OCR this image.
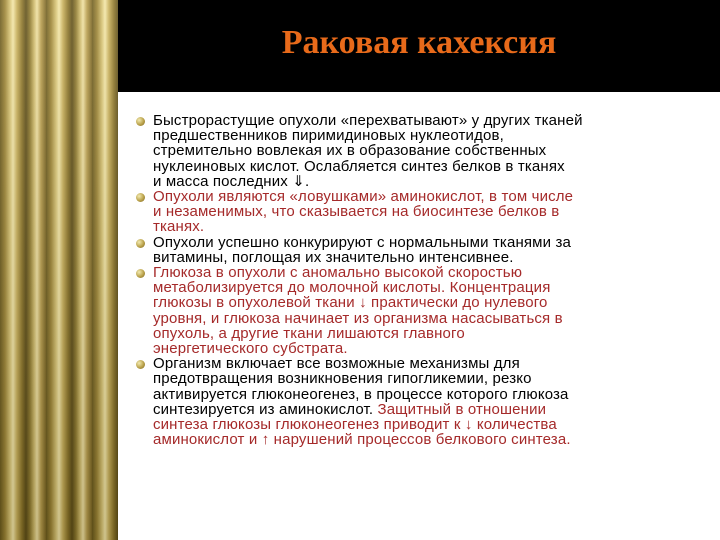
Раковая кахексия
Быстрорастущие опухоли «перехватывают» у других тканей
предшественников пиримидиновых нуклеотидов,
стремительно вовлекая их в образование собственных
нуклеиновых кислот. Ослабляется синтез белков в тканях
и масса последних ⇓.
Опухоли являются «ловушками» аминокислот, в том числе
и незаменимых, что сказывается на биосинтезе белков в
тканях.
Опухоли успешно конкурируют с нормальными тканями за
витамины, поглощая их значительно интенсивнее.
Глюкоза в опухоли с аномально высокой скоростью
метаболизируется до молочной кислоты. Концентрация
глюкозы в опухолевой ткани ↓ практически до нулевого
уровня, и глюкоза начинает из организма насасываться в
опухоль, а другие ткани лишаются главного
энергетического субстрата.
Организм включает все возможные механизмы для
предотвращения возникновения гипогликемии, резко
активируется глюконеогенез, в процессе которого глюкоза
синтезируется из аминокислот. Защитный в отношении
синтеза глюкозы глюконеогенез приводит к ↓ количества
аминокислот и ↑ нарушений процессов белкового синтеза.
